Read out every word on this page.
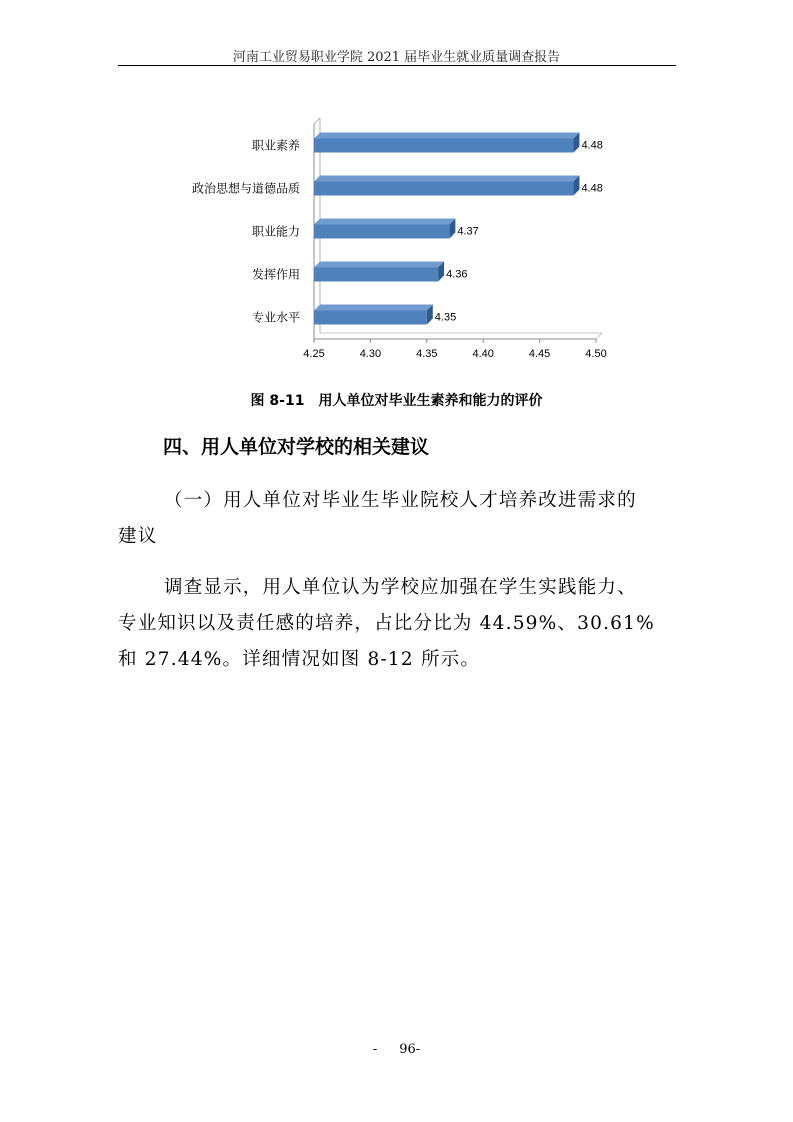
河南工业贸易职业学院 2021 届毕业生就业质量调查报告
职业素养	4.48
政治思想与道德品质	4.48
职业能力	4.37
发挥作用	4.36
专业水平	4.35
4.25	4.30	4.35	4.40	4.45	4.50
图 8-11　用人单位对毕业生素养和能力的评价
四、用人单位对学校的相关建议
（一）用人单位对毕业生毕业院校人才培养改进需求的
建议
调查显示，用人单位认为学校应加强在学生实践能力、
专业知识以及责任感的培养，占比分比为 44.59%、30.61%
和 27.44%。详细情况如图 8-12 所示。
- 96-
